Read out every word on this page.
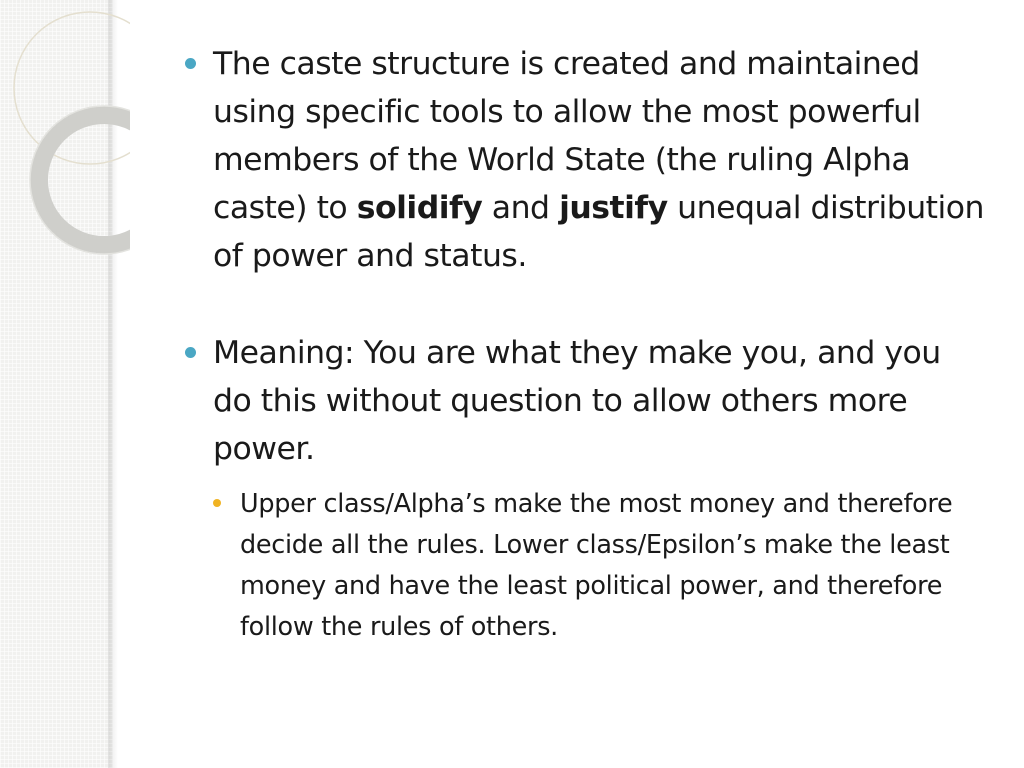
The caste structure is created and maintained using specific tools to allow the most powerful members of the World State (the ruling Alpha caste) to solidify and justify unequal distribution of power and status.

Meaning: You are what they make you, and you do this without question to allow others more power.

Upper class/Alpha’s make the most money and therefore decide all the rules. Lower class/Epsilon’s make the least money and have the least political power, and therefore follow the rules of others.
